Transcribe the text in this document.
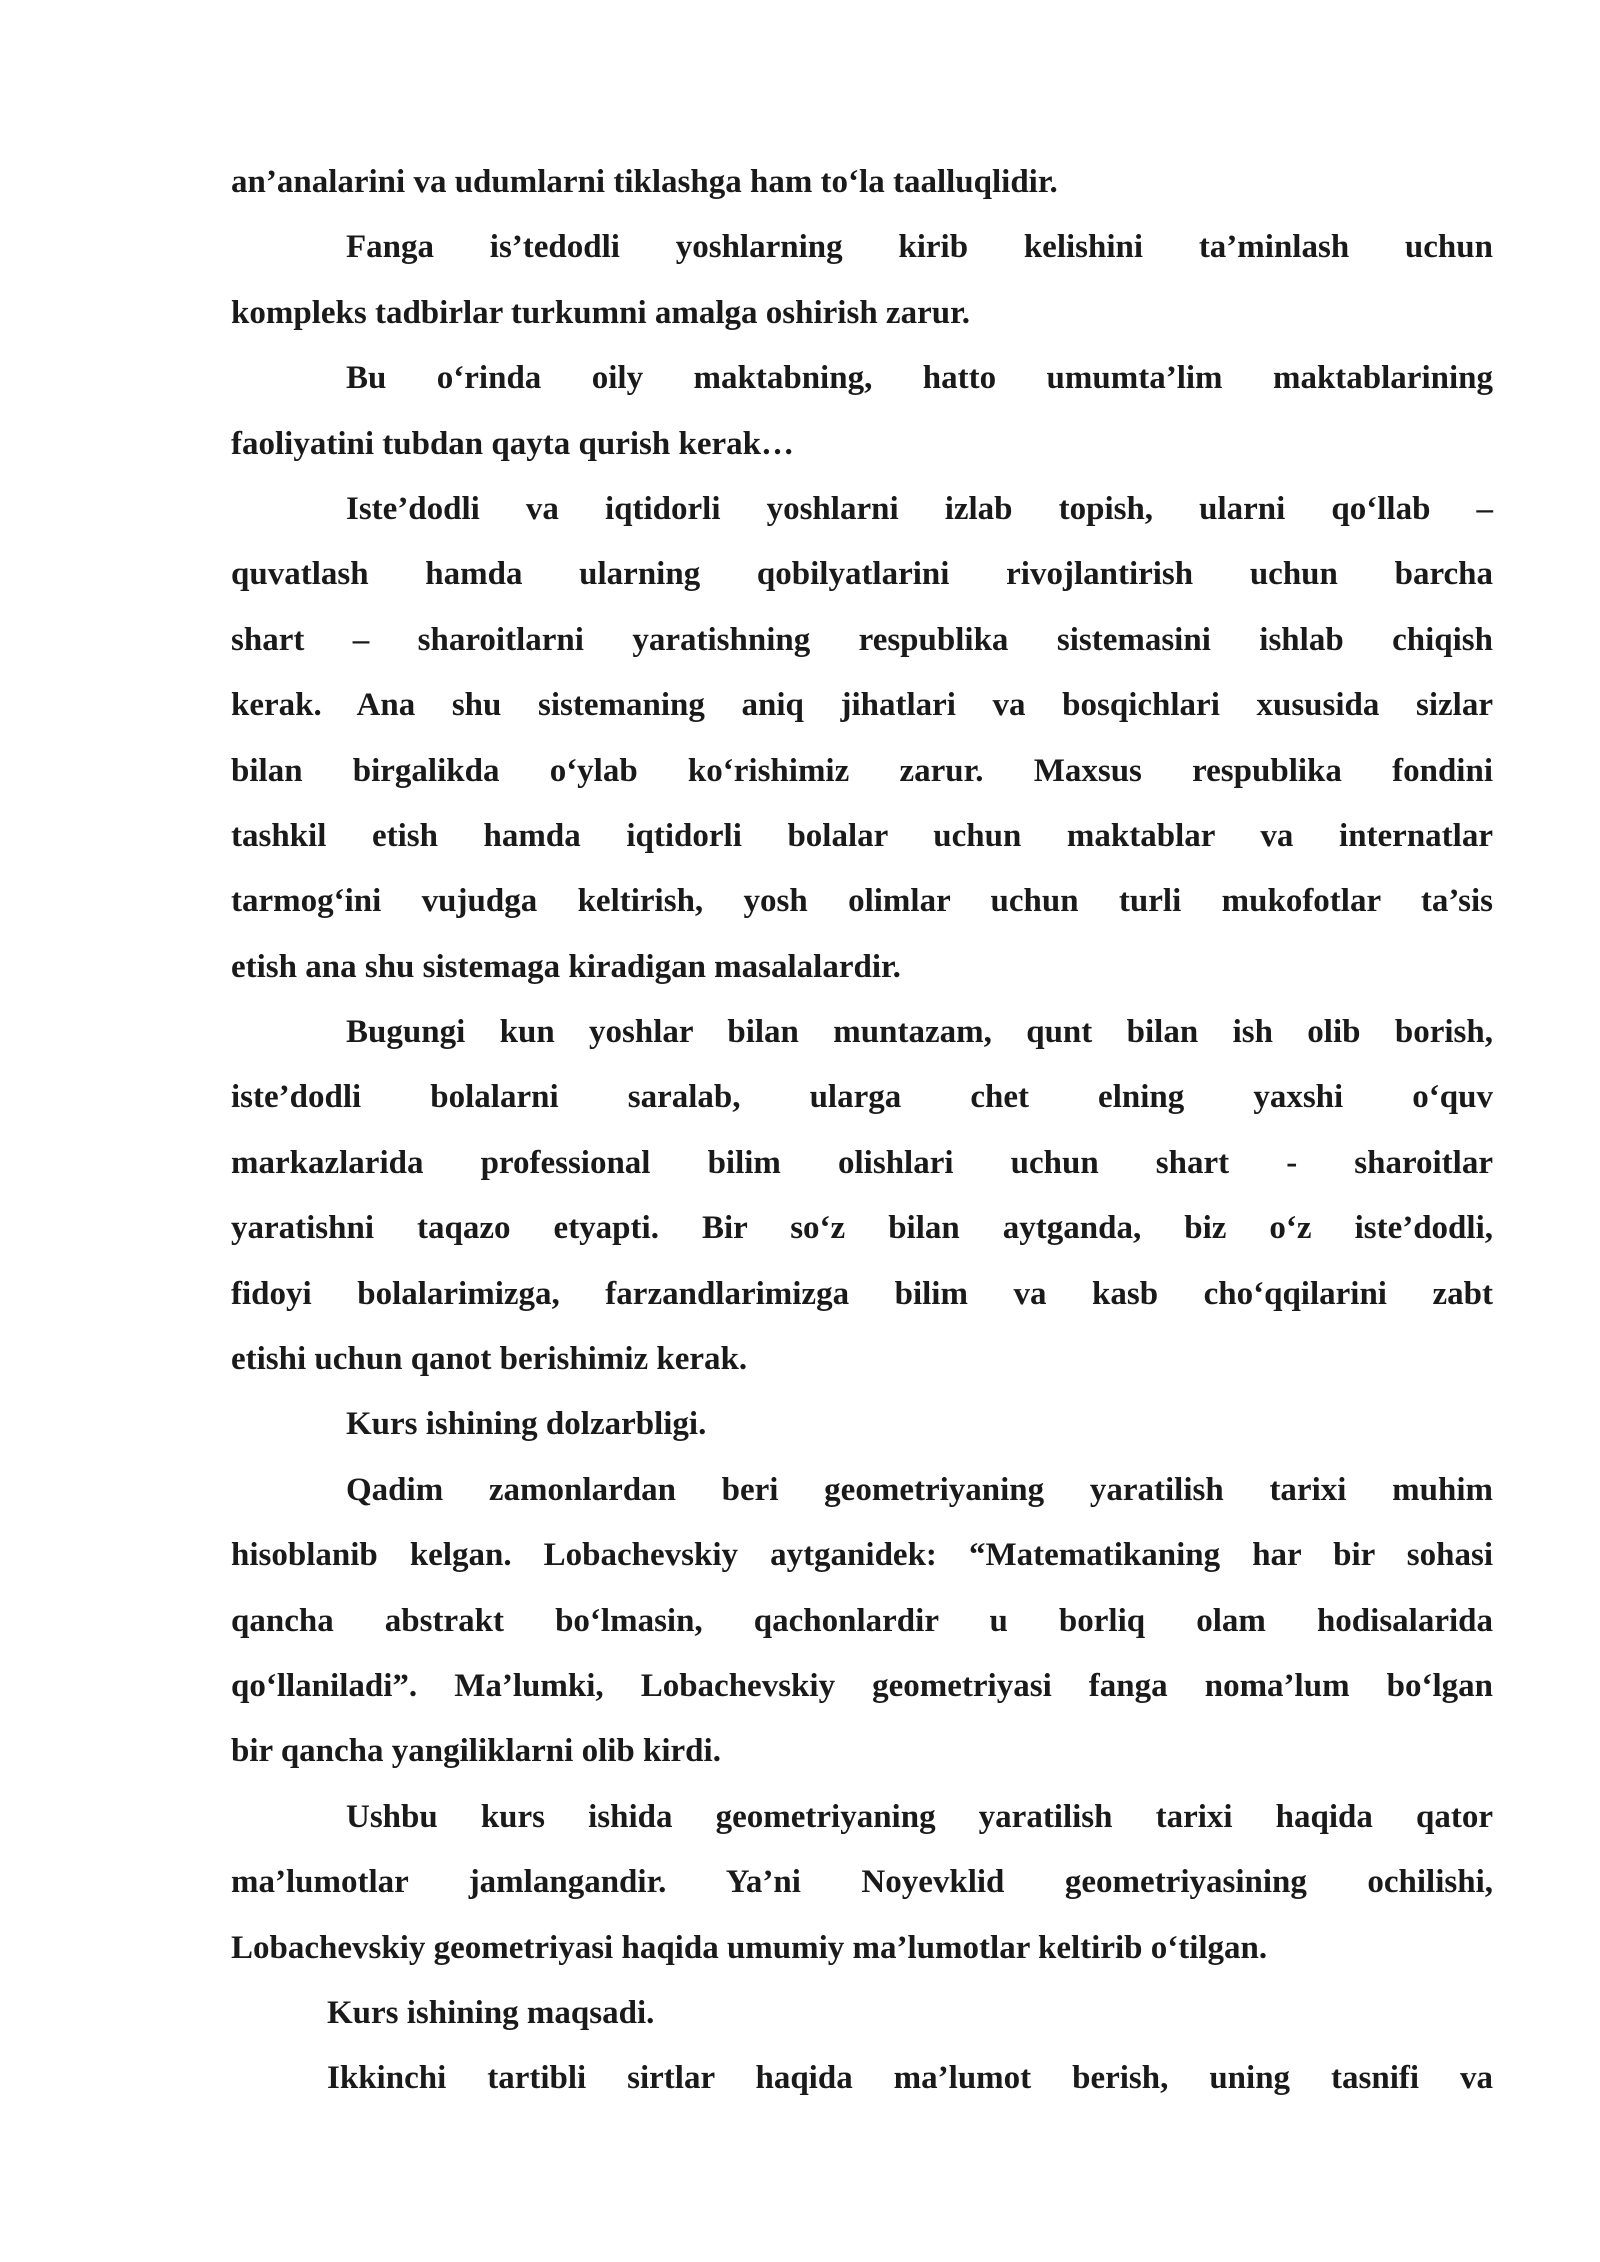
an’analarini va udumlarni tiklashga ham to‘la taalluqlidir.
Fanga is’tedodli yoshlarning kirib kelishini ta’minlash uchun
kompleks tadbirlar turkumni amalga oshirish zarur.
Bu o‘rinda oily maktabning, hatto umumta’lim maktablarining
faoliyatini tubdan qayta qurish kerak…
Iste’dodli va iqtidorli yoshlarni izlab topish, ularni qo‘llab –
quvatlash hamda ularning qobilyatlarini rivojlantirish uchun barcha
shart – sharoitlarni yaratishning respublika sistemasini ishlab chiqish
kerak. Ana shu sistemaning aniq jihatlari va bosqichlari xususida sizlar
bilan birgalikda o‘ylab ko‘rishimiz zarur. Maxsus respublika fondini
tashkil etish hamda iqtidorli bolalar uchun maktablar va internatlar
tarmog‘ini vujudga keltirish, yosh olimlar uchun turli mukofotlar ta’sis
etish ana shu sistemaga kiradigan masalalardir.
Bugungi kun yoshlar bilan muntazam, qunt bilan ish olib borish,
iste’dodli bolalarni saralab, ularga chet elning yaxshi o‘quv
markazlarida professional bilim olishlari uchun shart - sharoitlar
yaratishni taqazo etyapti. Bir so‘z bilan aytganda, biz o‘z iste’dodli,
fidoyi bolalarimizga, farzandlarimizga bilim va kasb cho‘qqilarini zabt
etishi uchun qanot berishimiz kerak.
Kurs ishining dolzarbligi.
Qadim zamonlardan beri geometriyaning yaratilish tarixi muhim
hisoblanib kelgan. Lobachevskiy aytganidek: “Matematikaning har bir sohasi
qancha abstrakt bo‘lmasin, qachonlardir u borliq olam hodisalarida
qo‘llaniladi”. Ma’lumki, Lobachevskiy geometriyasi fanga noma’lum bo‘lgan
bir qancha yangiliklarni olib kirdi.
Ushbu kurs ishida geometriyaning yaratilish tarixi haqida qator
ma’lumotlar jamlangandir. Ya’ni Noyevklid geometriyasining ochilishi,
Lobachevskiy geometriyasi haqida umumiy ma’lumotlar keltirib o‘tilgan.
Kurs ishining maqsadi.
Ikkinchi tartibli sirtlar haqida ma’lumot berish, uning tasnifi va
